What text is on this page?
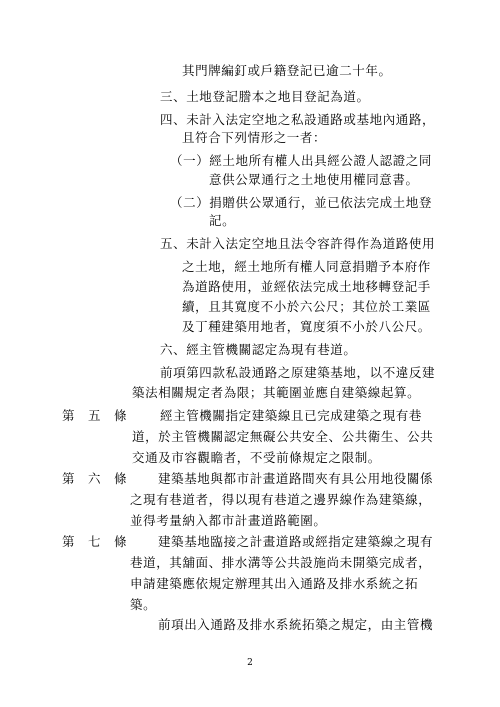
其門牌編釘或戶籍登記已逾二十年。
三、土地登記謄本之地目登記為道。
四、未計入法定空地之私設通路或基地內通路，
且符合下列情形之一者：
（一）經土地所有權人出具經公證人認證之同
意供公眾通行之土地使用權同意書。
（二）捐贈供公眾通行，並已依法完成土地登
記。
五、未計入法定空地且法令容許得作為道路使用
之土地，經土地所有權人同意捐贈予本府作
為道路使用，並經依法完成土地移轉登記手
續，且其寬度不小於六公尺；其位於工業區
及丁種建築用地者，寬度須不小於八公尺。
六、經主管機關認定為現有巷道。
前項第四款私設通路之原建築基地，以不違反建
築法相關規定者為限；其範圍並應自建築線起算。
第 五 條	經主管機關指定建築線且已完成建築之現有巷
道，於主管機關認定無礙公共安全、公共衛生、公共
交通及市容觀瞻者，不受前條規定之限制。
第 六 條	建築基地與都市計畫道路間夾有具公用地役關係
之現有巷道者，得以現有巷道之邊界線作為建築線，
並得考量納入都市計畫道路範圍。
第 七 條	建築基地臨接之計畫道路或經指定建築線之現有
巷道，其舖面、排水溝等公共設施尚未開築完成者，
申請建築應依規定辦理其出入通路及排水系統之拓
築。
前項出入通路及排水系統拓築之規定，由主管機
2
